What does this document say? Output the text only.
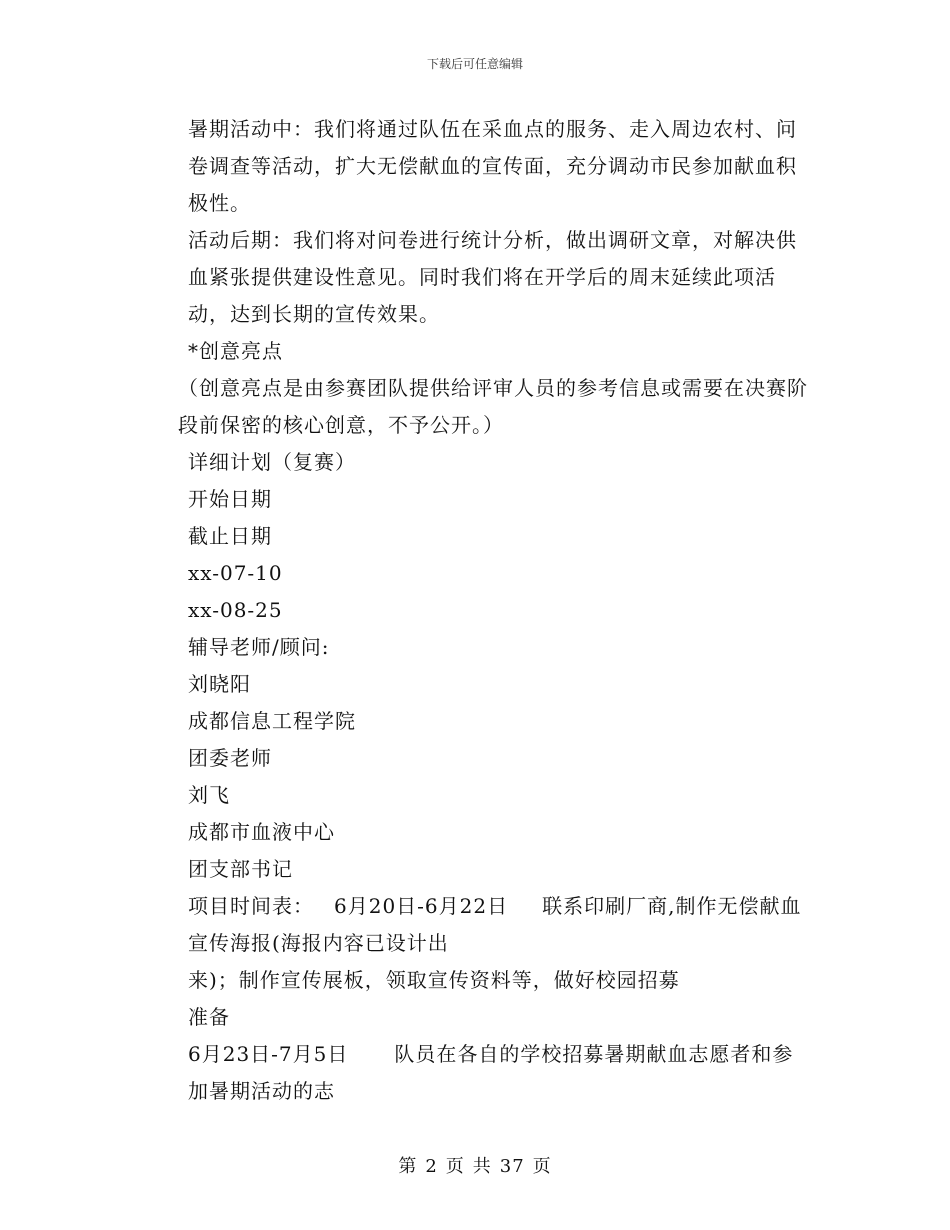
下载后可任意编辑

暑期活动中：我们将通过队伍在采血点的服务、走入周边农村、问卷调查等活动，扩大无偿献血的宣传面，充分调动市民参加献血积极性。

活动后期：我们将对问卷进行统计分析，做出调研文章，对解决供血紧张提供建设性意见。同时我们将在开学后的周末延续此项活动，达到长期的宣传效果。

*创意亮点

（创意亮点是由参赛团队提供给评审人员的参考信息或需要在决赛阶段前保密的核心创意，不予公开。）

详细计划（复赛）

开始日期

截止日期

xx-07-10

xx-08-25

辅导老师/顾问:

刘晓阳

成都信息工程学院

团委老师

刘飞

成都市血液中心

团支部书记

项目时间表： 6月20日-6月22日 联系印刷厂商,制作无偿献血宣传海报(海报内容已设计出

来)；制作宣传展板，领取宣传资料等，做好校园招募

准备

6月23日-7月5日 队员在各自的学校招募暑期献血志愿者和参加暑期活动的志

第 2 页 共 37 页
